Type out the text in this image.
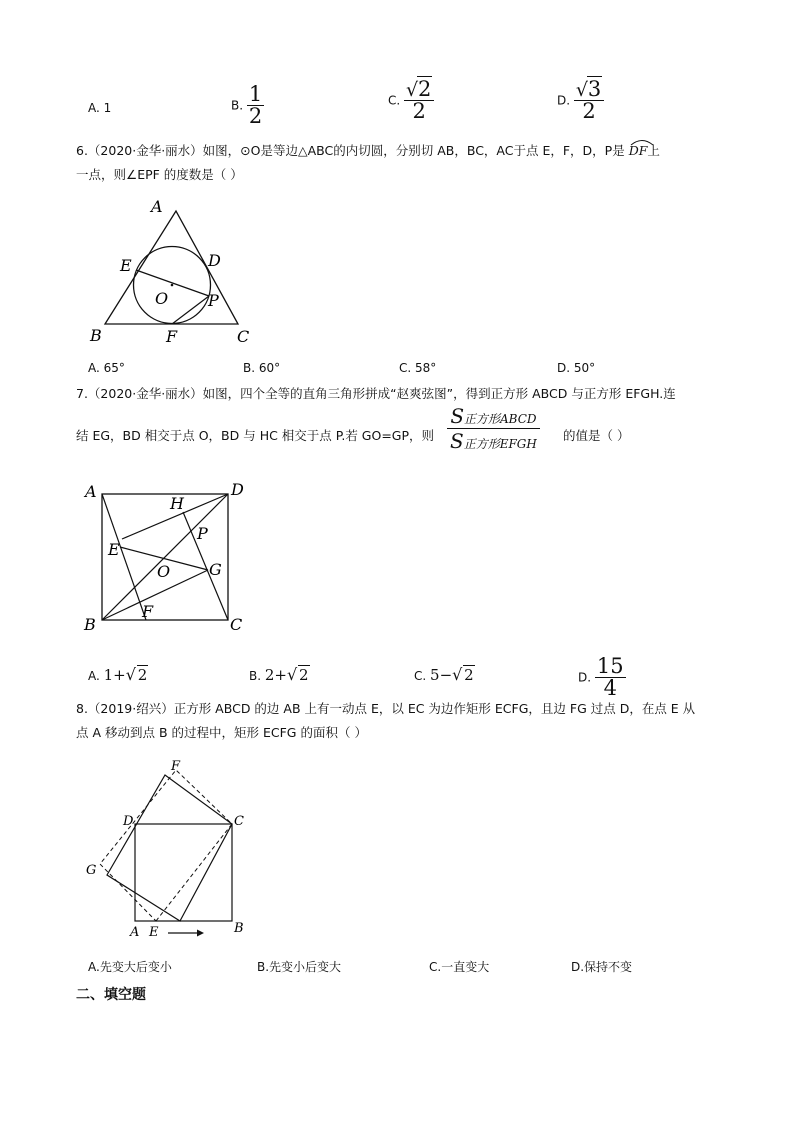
A. 1	B. $\frac{1}{2}$	C. $\frac{√ 2}{2}$	D. $\frac{√ 3}{2}$
6.（2020·金华·丽水）如图，⊙O是等边△ABC的内切圆，分别切 AB，BC，AC于点 E，F，D，P是 DF上
一点，则∠EPF 的度数是（ ）
A
B	C
D
E
F
O P
A. 65°	B. 60°	C. 58°	D. 50°
7.（2020·金华·丽水）如图，四个全等的直角三角形拼成“赵爽弦图”，得到正方形 ABCD 与正方形 EFGH.连
结 EG，BD 相交于点 O，BD 与 HC 相交于点 P.若 GO=GP，则
S正方形ABCD
S正方形EFGH
的值是（ ）
A
B	C
D
E
F
G
H
O
P
A. 1+ √ 2	B. 2+ √ 2	C. 5− √ 2	D. $\frac{15}{4}$
8.（2019·绍兴）正方形 ABCD 的边 AB 上有一动点 E，以 EC 为边作矩形 ECFG，且边 FG 过点 D，在点 E 从
点 A 移动到点 B 的过程中，矩形 ECFG 的面积（ ）
A	B
C
D
E
F
G
A.先变大后变小	B.先变小后变大	C.一直变大	D.保持不变
二、填空题
